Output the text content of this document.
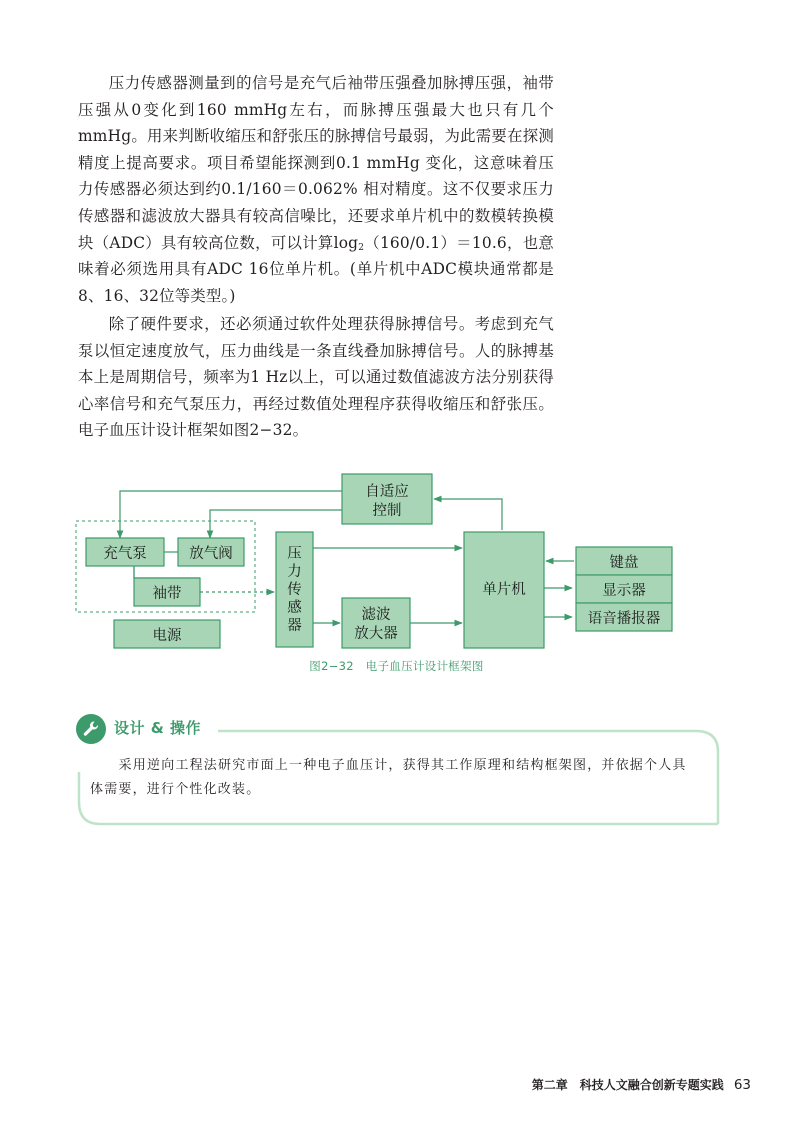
压力传感器测量到的信号是充气后袖带压强叠加脉搏压强，袖带压强从0变化到160 mmHg左右，而脉搏压强最大也只有几个mmHg。用来判断收缩压和舒张压的脉搏信号最弱，为此需要在探测精度上提高要求。项目希望能探测到0.1 mmHg 变化，这意味着压力传感器必须达到约0.1/160＝0.062% 相对精度。这不仅要求压力传感器和滤波放大器具有较高信噪比，还要求单片机中的数模转换模块（ADC）具有较高位数，可以计算$\log_2(160/0.1)=10.6$，也意味着必须选用具有ADC 16位单片机。(单片机中ADC模块通常都是8、16、32位等类型。)

除了硬件要求，还必须通过软件处理获得脉搏信号。考虑到充气泵以恒定速度放气，压力曲线是一条直线叠加脉搏信号。人的脉搏基本上是周期信号，频率为1 Hz以上，可以通过数值滤波方法分别获得心率信号和充气泵压力，再经过数值处理程序获得收缩压和舒张压。电子血压计设计框架如图2−32。

自适应
控制
充气泵	放气阀
袖带
电源
压
力
传
感
器
滤波
放大器
单片机
键盘
显示器
语音播报器
图2−32　电子血压计设计框架图
设计 & 操作

采用逆向工程法研究市面上一种电子血压计，获得其工作原理和结构框架图，并依据个人具体需要，进行个性化改装。

第二章　科技人文融合创新专题实践 63
